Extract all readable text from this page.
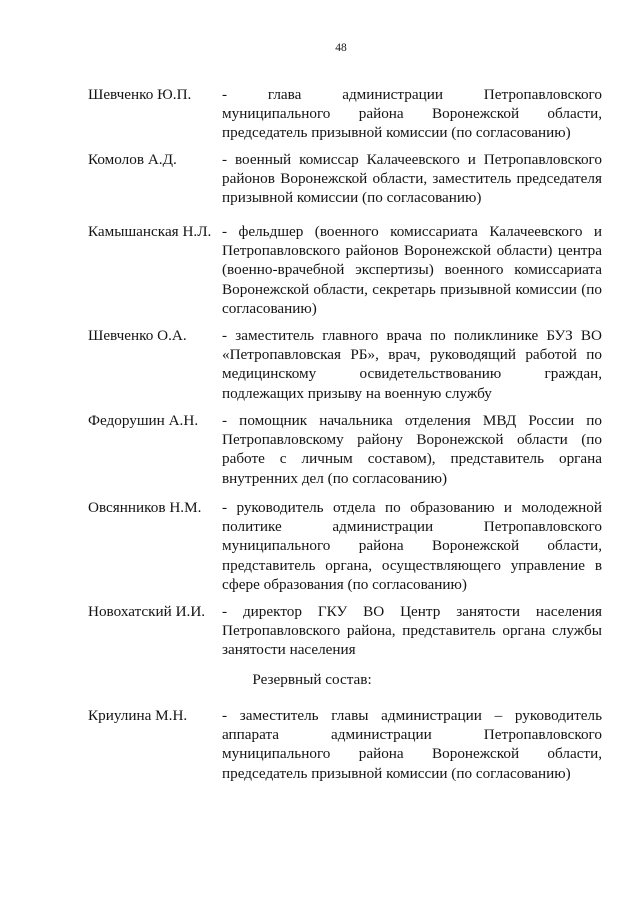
48
Шевченко Ю.П.	- глава администрации Петропавловского муниципального района Воронежской области, председатель призывной комиссии (по согласованию)
Комолов А.Д.	- военный комиссар Калачеевского и Петропавловского районов Воронежской области, заместитель председателя призывной комиссии (по согласованию)
Камышанская Н.Л. - фельдшер (военного комиссариата Калачеевского и Петропавловского районов Воронежской области) центра (военно-врачебной экспертизы) военного комиссариата Воронежской области, секретарь призывной комиссии (по согласованию)
Шевченко О.А.	- заместитель главного врача по поликлинике БУЗ ВО «Петропавловская РБ», врач, руководящий работой по медицинскому освидетельствованию граждан, подлежащих призыву на военную службу
Федорушин А.Н.	- помощник начальника отделения МВД России по Петропавловскому району Воронежской области (по работе с личным составом), представитель органа внутренних дел (по согласованию)
Овсянников Н.М.	- руководитель отдела по образованию и молодежной политике администрации Петропавловского муниципального района Воронежской области, представитель органа, осуществляющего управление в сфере образования (по согласованию)
Новохатский И.И.	- директор ГКУ ВО Центр занятости населения Петропавловского района, представитель органа службы занятости населения
Резервный состав:
Криулина М.Н.	- заместитель главы администрации – руководитель аппарата администрации Петропавловского муниципального района Воронежской области, председатель призывной комиссии (по согласованию)
